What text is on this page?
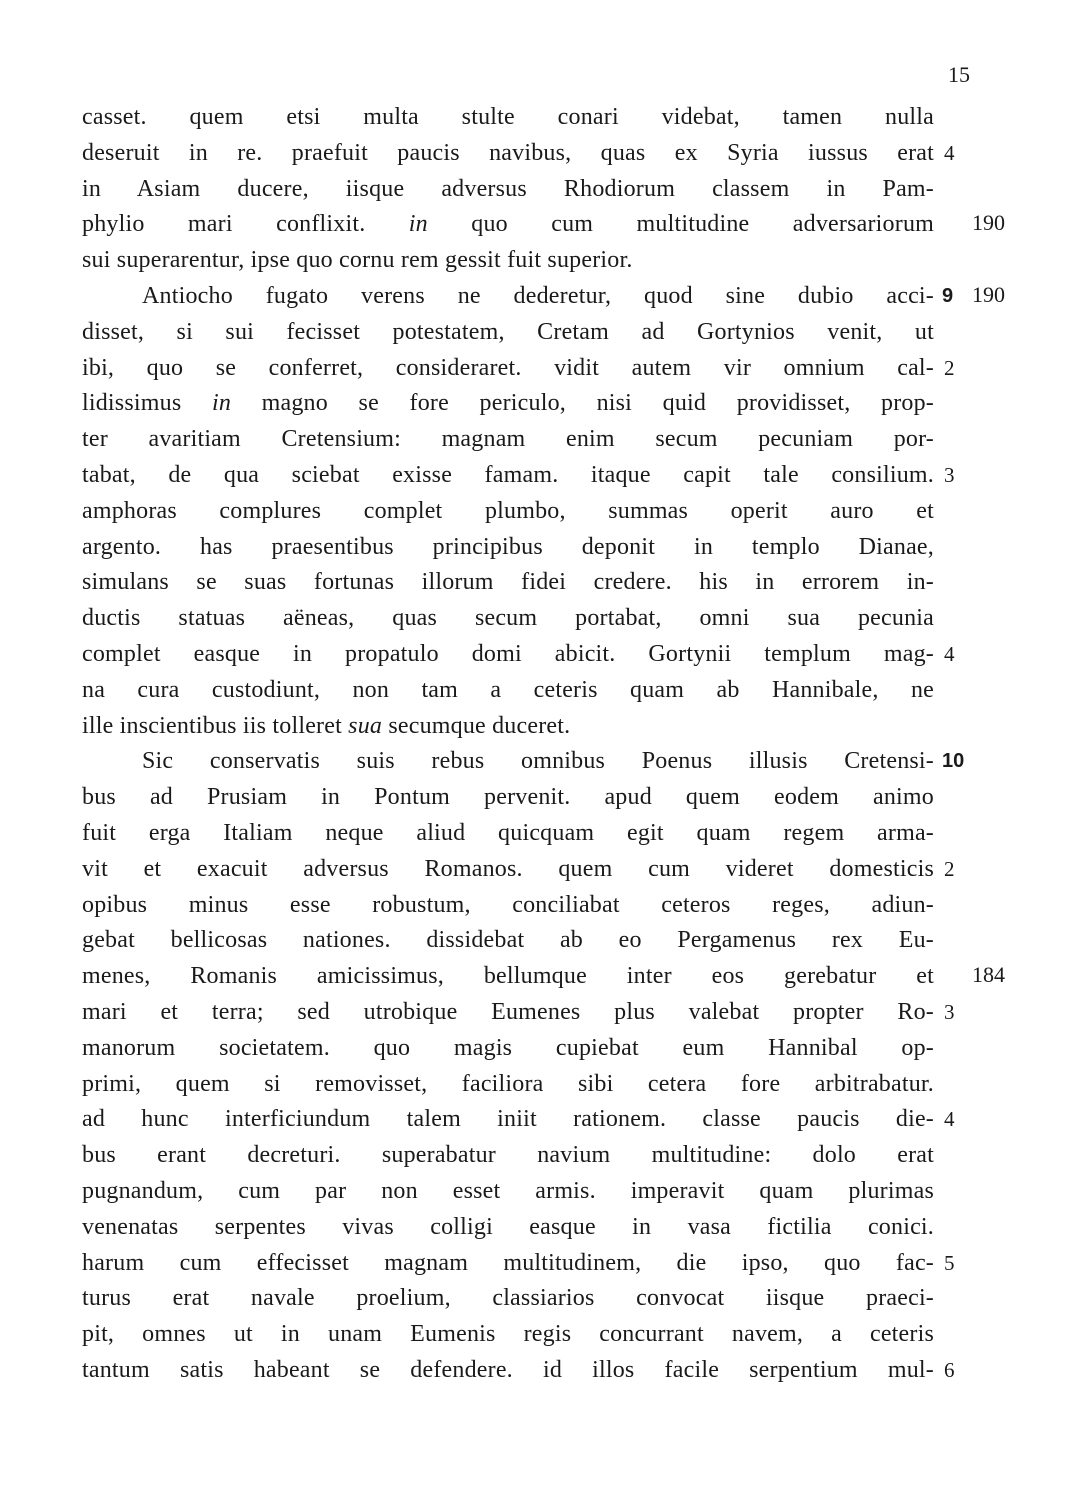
15
casset. quem etsi multa stulte conari videbat, tamen nulla
deseruit in re. praefuit paucis navibus, quas ex Syria iussus erat 4
in Asiam ducere, iisque adversus Rhodiorum classem in Pam-
phylio mari conflixit. in quo cum multitudine adversariorum 190
sui superarentur, ipse quo cornu rem gessit fuit superior.
Antiocho fugato verens ne dederetur, quod sine dubio acci- 9 190
disset, si sui fecisset potestatem, Cretam ad Gortynios venit, ut
ibi, quo se conferret, consideraret. vidit autem vir omnium cal- 2
lidissimus in magno se fore periculo, nisi quid providisset, prop-
ter avaritiam Cretensium: magnam enim secum pecuniam por-
tabat, de qua sciebat exisse famam. itaque capit tale consilium. 3
amphoras complures complet plumbo, summas operit auro et
argento. has praesentibus principibus deponit in templo Dianae,
simulans se suas fortunas illorum fidei credere. his in errorem in-
ductis statuas aëneas, quas secum portabat, omni sua pecunia
complet easque in propatulo domi abicit. Gortynii templum mag- 4
na cura custodiunt, non tam a ceteris quam ab Hannibale, ne
ille inscientibus iis tolleret sua secumque duceret.
Sic conservatis suis rebus omnibus Poenus illusis Cretensi- 10
bus ad Prusiam in Pontum pervenit. apud quem eodem animo
fuit erga Italiam neque aliud quicquam egit quam regem arma-
vit et exacuit adversus Romanos. quem cum videret domesticis 2
opibus minus esse robustum, conciliabat ceteros reges, adiun-
gebat bellicosas nationes. dissidebat ab eo Pergamenus rex Eu-
menes, Romanis amicissimus, bellumque inter eos gerebatur et 184
mari et terra; sed utrobique Eumenes plus valebat propter Ro- 3
manorum societatem. quo magis cupiebat eum Hannibal op-
primi, quem si removisset, faciliora sibi cetera fore arbitrabatur.
ad hunc interficiundum talem iniit rationem. classe paucis die- 4
bus erant decreturi. superabatur navium multitudine: dolo erat
pugnandum, cum par non esset armis. imperavit quam plurimas
venenatas serpentes vivas colligi easque in vasa fictilia conici.
harum cum effecisset magnam multitudinem, die ipso, quo fac- 5
turus erat navale proelium, classiarios convocat iisque praeci-
pit, omnes ut in unam Eumenis regis concurrant navem, a ceteris
tantum satis habeant se defendere. id illos facile serpentium mul- 6
